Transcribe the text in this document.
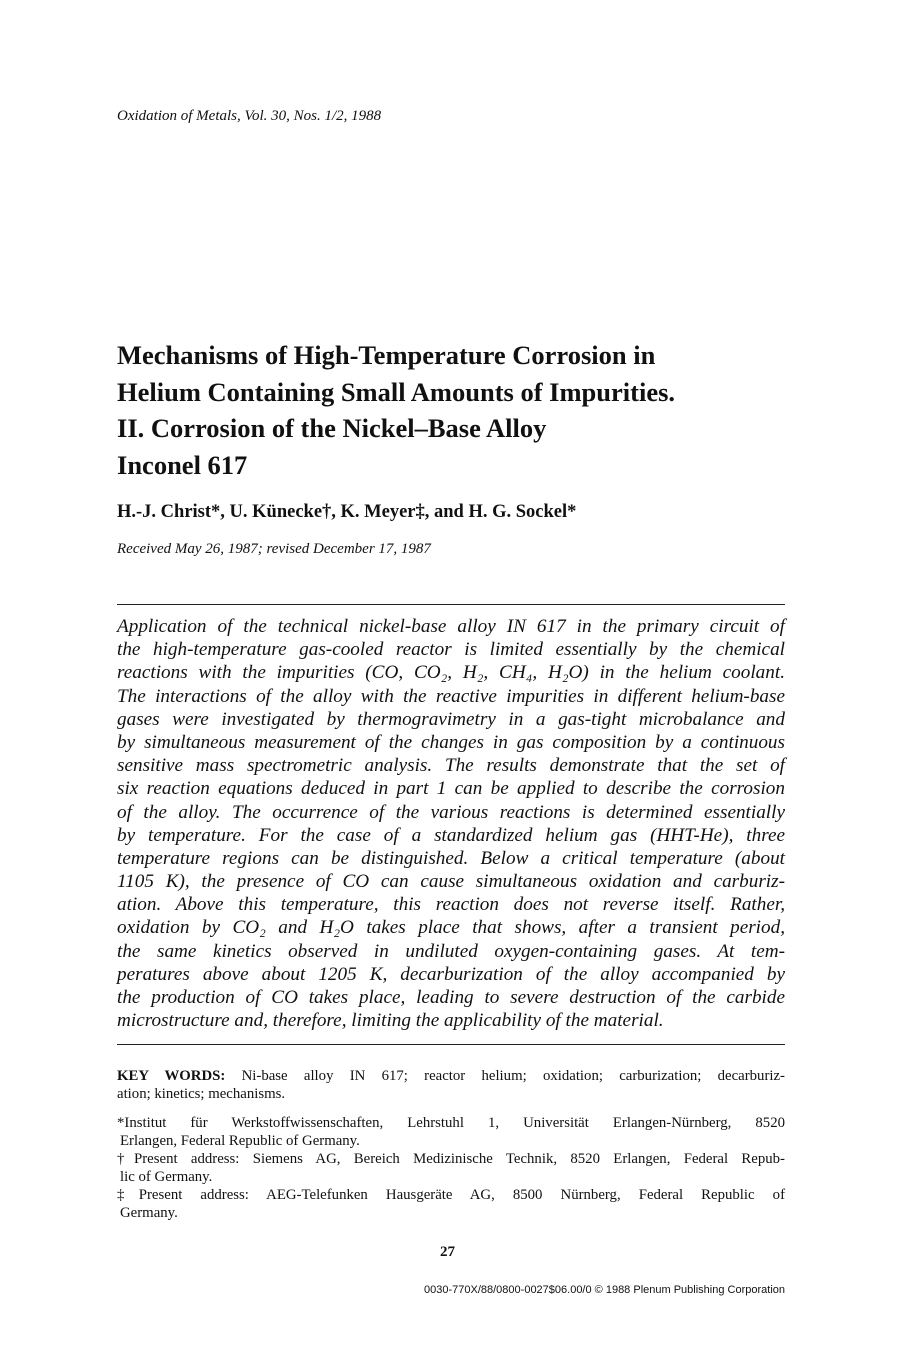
Oxidation of Metals, Vol. 30, Nos. 1/2, 1988
Mechanisms of High-Temperature Corrosion in
Helium Containing Small Amounts of Impurities.
II. Corrosion of the Nickel–Base Alloy
Inconel 617
H.-J. Christ*, U. Künecke†, K. Meyer‡, and H. G. Sockel*
Received May 26, 1987; revised December 17, 1987
Application of the technical nickel-base alloy IN 617 in the primary circuit of
the high-temperature gas-cooled reactor is limited essentially by the chemical
reactions with the impurities (CO, CO₂, H₂, CH₄, H₂O) in the helium coolant.
The interactions of the alloy with the reactive impurities in different helium-base
gases were investigated by thermogravimetry in a gas-tight microbalance and
by simultaneous measurement of the changes in gas composition by a continuous
sensitive mass spectrometric analysis. The results demonstrate that the set of
six reaction equations deduced in part 1 can be applied to describe the corrosion
of the alloy. The occurrence of the various reactions is determined essentially
by temperature. For the case of a standardized helium gas (HHT-He), three
temperature regions can be distinguished. Below a critical temperature (about
1105 K), the presence of CO can cause simultaneous oxidation and carburiz-
ation. Above this temperature, this reaction does not reverse itself. Rather,
oxidation by CO₂ and H₂O takes place that shows, after a transient period,
the same kinetics observed in undiluted oxygen-containing gases. At tem-
peratures above about 1205 K, decarburization of the alloy accompanied by
the production of CO takes place, leading to severe destruction of the carbide
microstructure and, therefore, limiting the applicability of the material.
KEY WORDS: Ni-base alloy IN 617; reactor helium; oxidation; carburization; decarburiz-
ation; kinetics; mechanisms.
*Institut für Werkstoffwissenschaften, Lehrstuhl 1, Universität Erlangen-Nürnberg, 8520
Erlangen, Federal Republic of Germany.
†Present address: Siemens AG, Bereich Medizinische Technik, 8520 Erlangen, Federal Repub-
lic of Germany.
‡Present address: AEG-Telefunken Hausgeräte AG, 8500 Nürnberg, Federal Republic of
Germany.
27
0030-770X/88/0800-0027$06.00/0 © 1988 Plenum Publishing Corporation
